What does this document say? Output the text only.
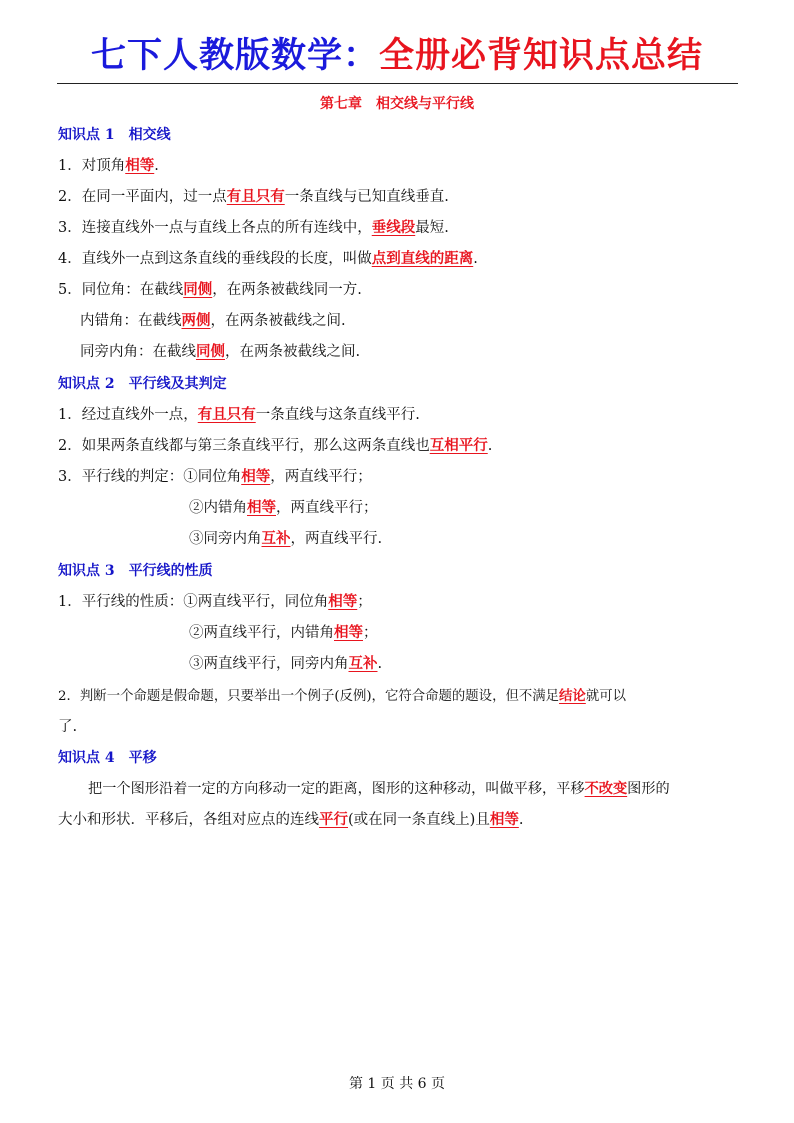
七下人教版数学：全册必背知识点总结
第七章 相交线与平行线
知识点 1 相交线
1．对顶角相等.
2．在同一平面内，过一点有且只有一条直线与已知直线垂直.
3．连接直线外一点与直线上各点的所有连线中，垂线段最短.
4．直线外一点到这条直线的垂线段的长度，叫做点到直线的距离.
5．同位角：在截线同侧，在两条被截线同一方.
内错角：在截线两侧，在两条被截线之间.
同旁内角：在截线同侧，在两条被截线之间.
知识点 2 平行线及其判定
1．经过直线外一点，有且只有一条直线与这条直线平行.
2．如果两条直线都与第三条直线平行，那么这两条直线也互相平行.
3．平行线的判定：①同位角相等，两直线平行；
②内错角相等，两直线平行；
③同旁内角互补，两直线平行.
知识点 3 平行线的性质
1．平行线的性质：①两直线平行，同位角相等；
②两直线平行，内错角相等；
③两直线平行，同旁内角互补.
2．判断一个命题是假命题，只要举出一个例子(反例)，它符合命题的题设，但不满足结论就可以
了.
知识点 4 平移
把一个图形沿着一定的方向移动一定的距离，图形的这种移动，叫做平移，平移不改变图形的
大小和形状．平移后，各组对应点的连线平行(或在同一条直线上)且相等.
第 1 页 共 6 页
